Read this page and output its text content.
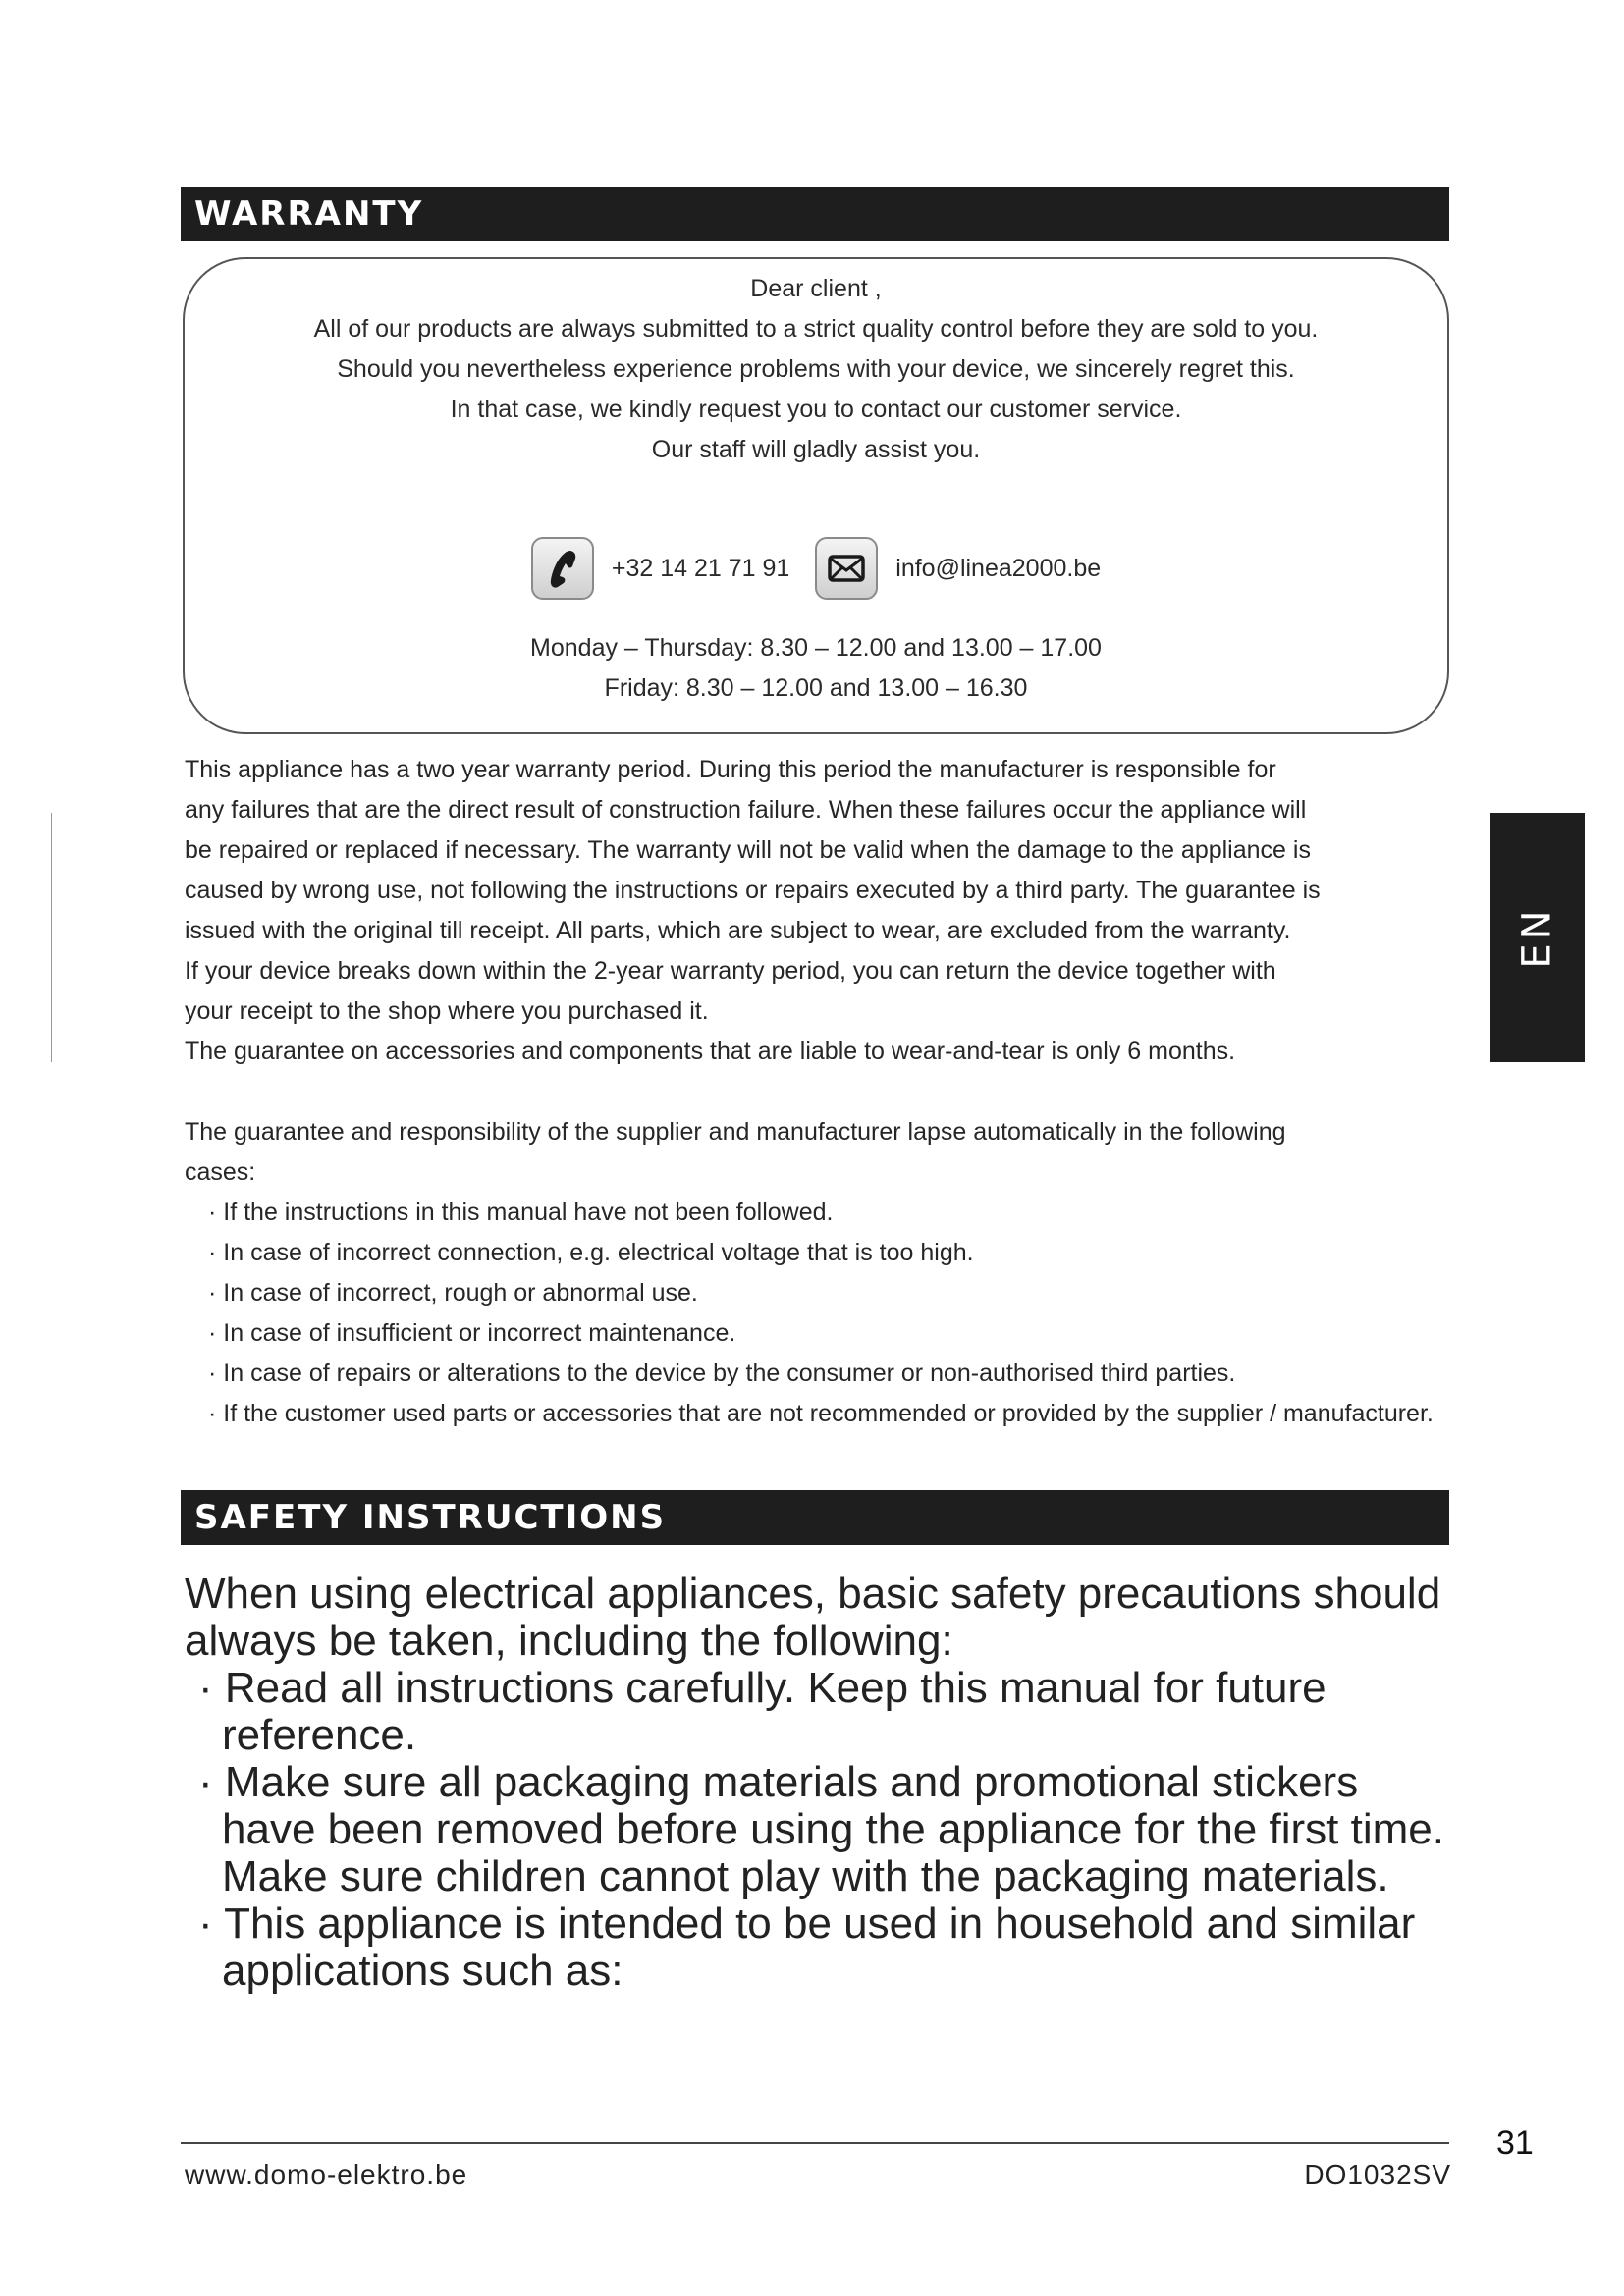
WARRANTY
Dear client ,
All of our products are always submitted to a strict quality control before they are sold to you.
Should you nevertheless experience problems with your device, we sincerely regret this.
In that case, we kindly request you to contact our customer service.
Our staff will gladly assist you.
+32 14 21 71 91	info@linea2000.be
Monday – Thursday: 8.30 – 12.00 and 13.00 – 17.00
Friday: 8.30 – 12.00 and 13.00 – 16.30
This appliance has a two year warranty period. During this period the manufacturer is responsible for
any failures that are the direct result of construction failure. When these failures occur the appliance will
be repaired or replaced if necessary. The warranty will not be valid when the damage to the appliance is
caused by wrong use, not following the instructions or repairs executed by a third party. The guarantee is
issued with the original till receipt. All parts, which are subject to wear, are excluded from the warranty.
If your device breaks down within the 2-year warranty period, you can return the device together with
your receipt to the shop where you purchased it.
The guarantee on accessories and components that are liable to wear-and-tear is only 6 months.
The guarantee and responsibility of the supplier and manufacturer lapse automatically in the following
cases:
· If the instructions in this manual have not been followed.
· In case of incorrect connection, e.g. electrical voltage that is too high.
· In case of incorrect, rough or abnormal use.
· In case of insufficient or incorrect maintenance.
· In case of repairs or alterations to the device by the consumer or non-authorised third parties.
· If the customer used parts or accessories that are not recommended or provided by the supplier / manufacturer.
SAFETY INSTRUCTIONS
When using electrical appliances, basic safety precautions should always be taken, including the following:
· Read all instructions carefully. Keep this manual for future reference.
· Make sure all packaging materials and promotional stickers have been removed before using the appliance for the first time. Make sure children cannot play with the packaging materials.
· This appliance is intended to be used in household and similar applications such as:
EN
31
www.domo-elektro.be	DO1032SV
